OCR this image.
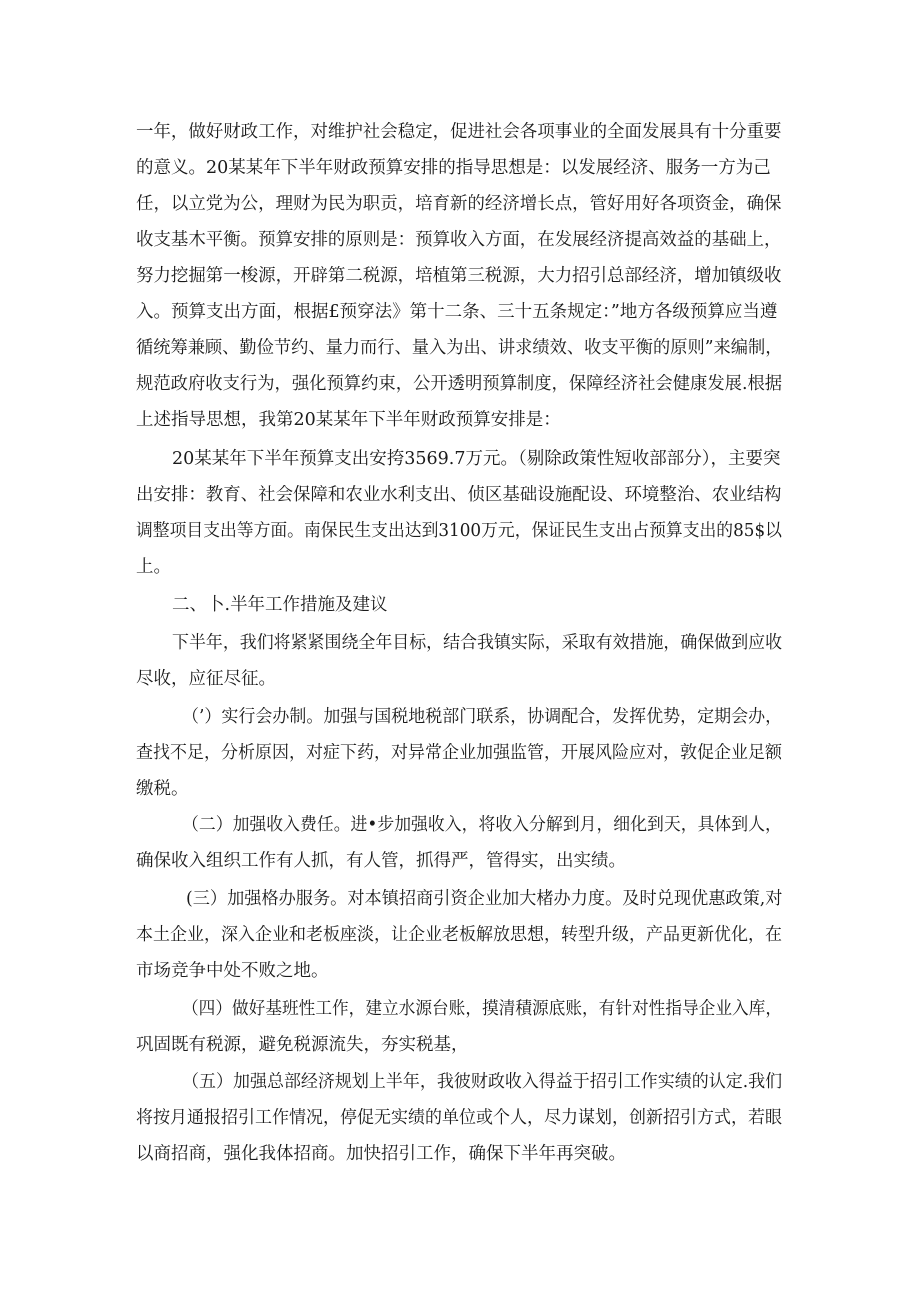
一年，做好财政工作，对维护社会稳定，促进社会各项事业的全面发展具有十分重要
的意义。20某某年下半年财政预算安排的指导思想是：以发展经济、服务一方为己
任，以立党为公，理财为民为职贡，培育新的经济增长点，管好用好各项资金，确保
收支基木平衡。预算安排的原则是：预算收入方面，在发展经济提高效益的基础上，
努力挖掘第一梭源，开辟第二税源，培植第三税源，大力招引总部经济，增加镇级收
入。预算支出方面，根据£预穿法》第十二条、三十五条规定：”地方各级预算应当遵
循统筹兼顾、勤俭节约、量力而行、量入为出、讲求绩效、收支平衡的原则”来编制，
规范政府收支行为，强化预算约束，公开透明预算制度，保障经济社会健康发展.根据
上述指导思想，我第20某某年下半年财政预算安排是：
20某某年下半年预算支出安挎3569.7万元。（剔除政策性短收部部分），主要突
出安排：教育、社会保障和农业水利支出、侦区基础设施配设、环境整治、农业结构
调整项目支出等方面。南保民生支出达到3100万元，保证民生支出占预算支出的85$以
上。
二、卜.半年工作措施及建议
下半年，我们将紧紧围绕全年目标，结合我镇实际，采取有效措施，确保做到应收
尽收，应征尽征。
（’）实行会办制。加强与国税地税部门联系，协调配合，发挥优势，定期会办，
查找不足，分析原因，对症下药，对异常企业加强监管，开展风险应对，敦促企业足额
缴税。
（二）加强收入费任。进•步加强收入，将收入分解到月，细化到天，具体到人，
确保收入组织工作有人抓，有人管，抓得严，管得实，出实绩。
(三）加强格办服务。对本镇招商引资企业加大楮办力度。及时兑现优惠政策,对
本土企业，深入企业和老板座淡，让企业老板解放思想，转型升级，产品更新优化，在
市场竞争中处不败之地。
（四）做好基班性工作，建立水源台账，摸清積源底账，有针对性指导企业入库，
巩固既有税源，避免税源流失，夯实税基，
（五）加强总部经济规划上半年，我彼财政收入得益于招引工作实绩的认定.我们
将按月通报招引工作情况，停促无实绩的单位或个人，尽力谋划，创新招引方式，若眼
以商招商，强化我体招商。加快招引工作，确保下半年再突破。
